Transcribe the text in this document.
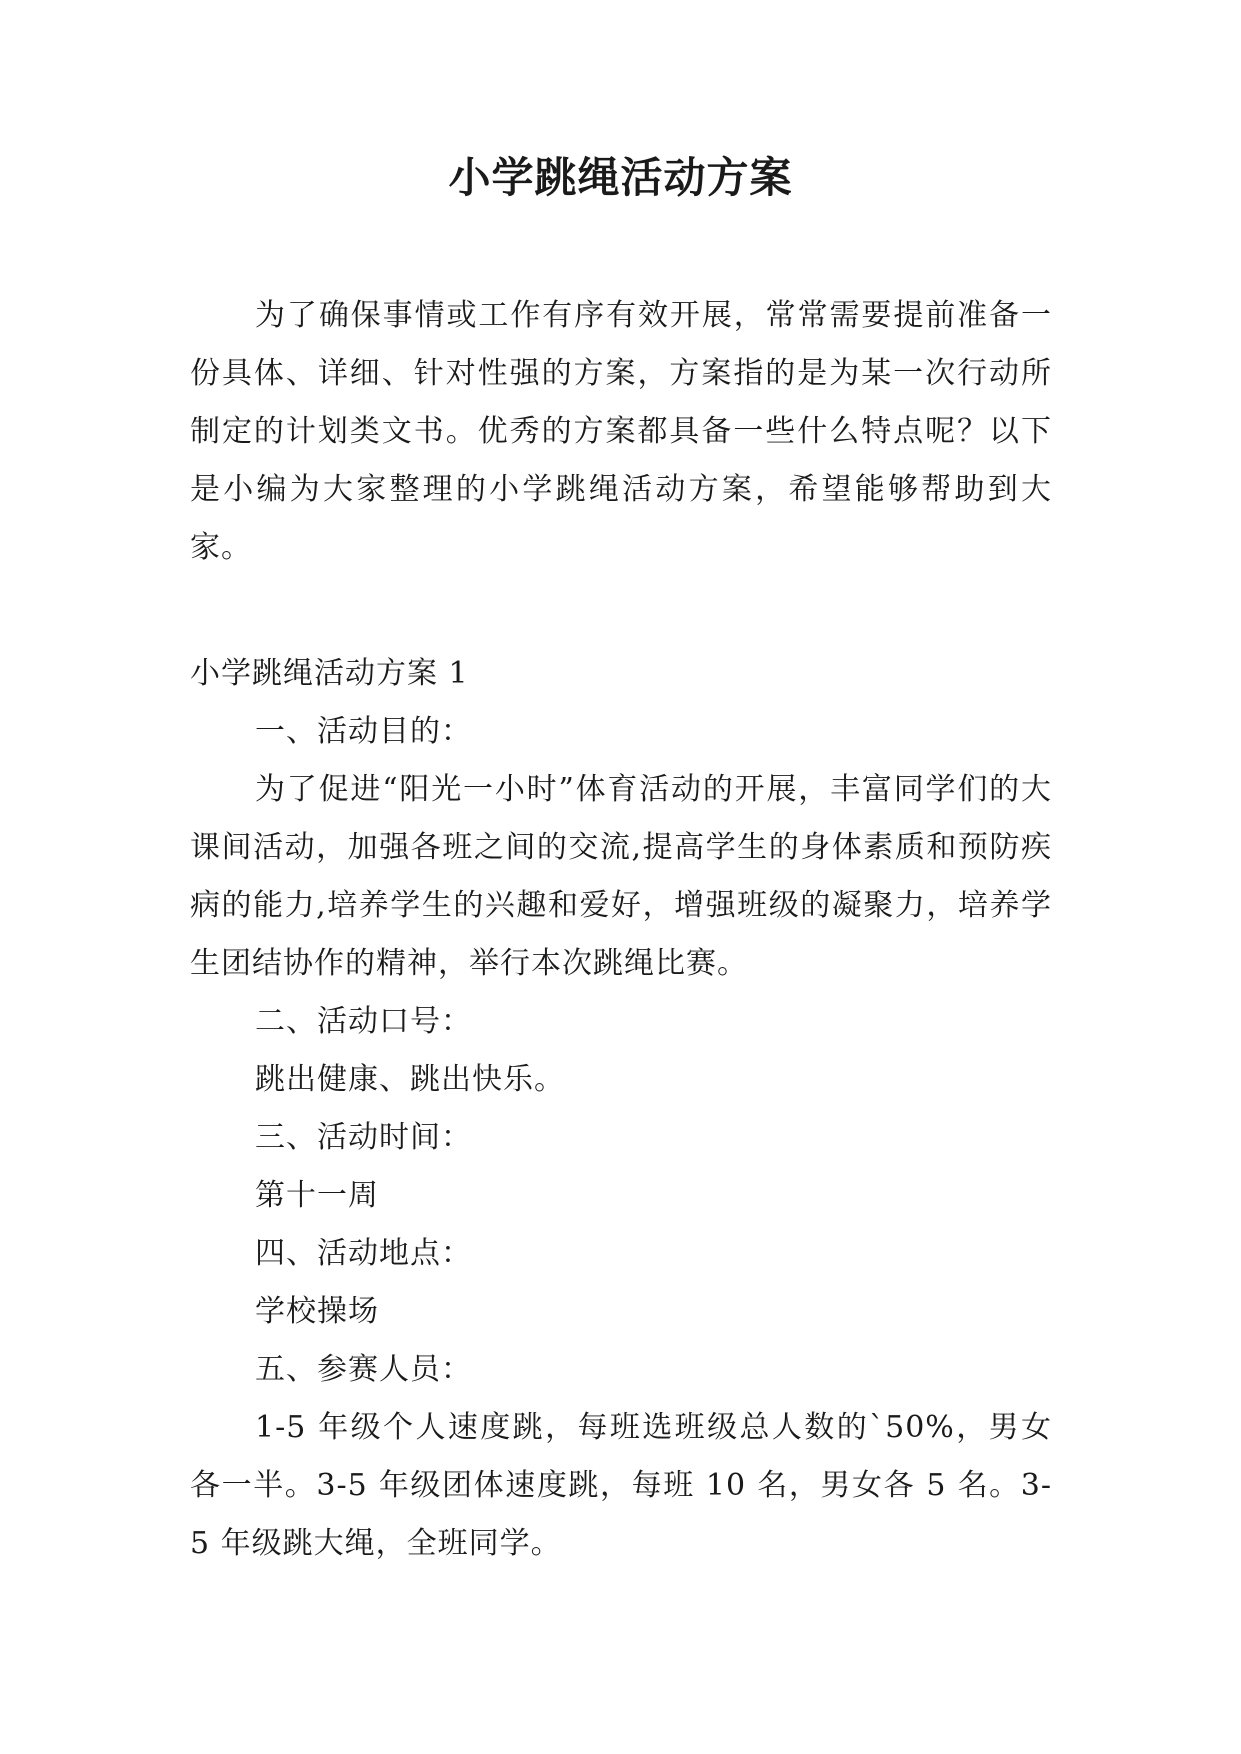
小学跳绳活动方案

为了确保事情或工作有序有效开展，常常需要提前准备一份具体、详细、针对性强的方案，方案指的是为某一次行动所制定的计划类文书。优秀的方案都具备一些什么特点呢？以下是小编为大家整理的小学跳绳活动方案，希望能够帮助到大家。

小学跳绳活动方案 1

一、活动目的：

为了促进“阳光一小时”体育活动的开展，丰富同学们的大课间活动，加强各班之间的交流,提高学生的身体素质和预防疾病的能力,培养学生的兴趣和爱好，增强班级的凝聚力，培养学生团结协作的精神，举行本次跳绳比赛。

二、活动口号：

跳出健康、跳出快乐。

三、活动时间：

第十一周

四、活动地点：

学校操场

五、参赛人员：

1-5 年级个人速度跳，每班选班级总人数的`50%，男女各一半。3-5 年级团体速度跳，每班 10 名，男女各 5 名。3-5 年级跳大绳，全班同学。
